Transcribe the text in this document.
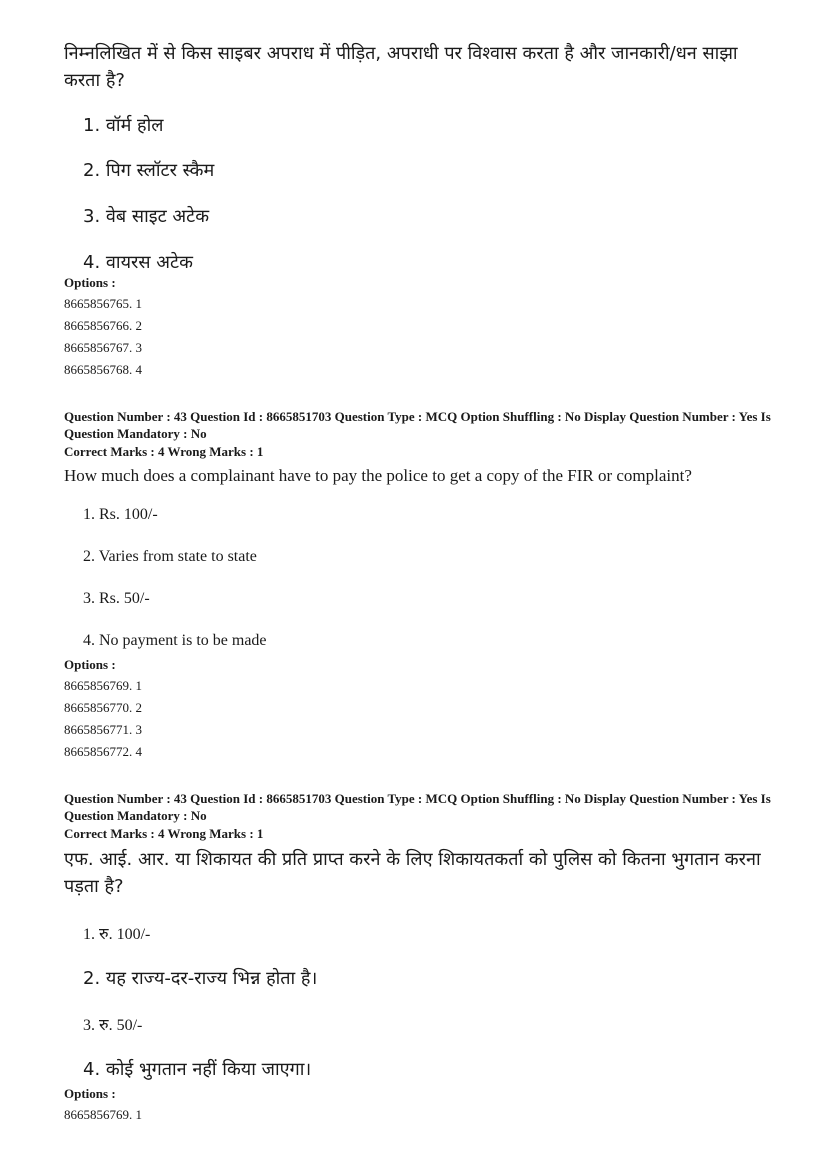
निम्नलिखित में से किस साइबर अपराध में पीड़ित, अपराधी पर विश्वास करता है और जानकारी/धन साझा करता है?
1. वॉर्म होल
2. पिग स्लॉटर स्कैम
3. वेब साइट अटेक
4. वायरस अटेक
Options :
8665856765. 1
8665856766. 2
8665856767. 3
8665856768. 4
Question Number : 43 Question Id : 8665851703 Question Type : MCQ Option Shuffling : No Display Question Number : Yes Is Question Mandatory : No
Correct Marks : 4 Wrong Marks : 1
How much does a complainant have to pay the police to get a copy of the FIR or complaint?
1. Rs. 100/-
2. Varies from state to state
3. Rs. 50/-
4. No payment is to be made
Options :
8665856769. 1
8665856770. 2
8665856771. 3
8665856772. 4
Question Number : 43 Question Id : 8665851703 Question Type : MCQ Option Shuffling : No Display Question Number : Yes Is Question Mandatory : No
Correct Marks : 4 Wrong Marks : 1
एफ. आई. आर. या शिकायत की प्रति प्राप्त करने के लिए शिकायतकर्ता को पुलिस को कितना भुगतान करना पड़ता है?
1. रु. 100/-
2. यह राज्य-दर-राज्य भिन्न होता है।
3. रु. 50/-
4. कोई भुगतान नहीं किया जाएगा।
Options :
8665856769. 1
